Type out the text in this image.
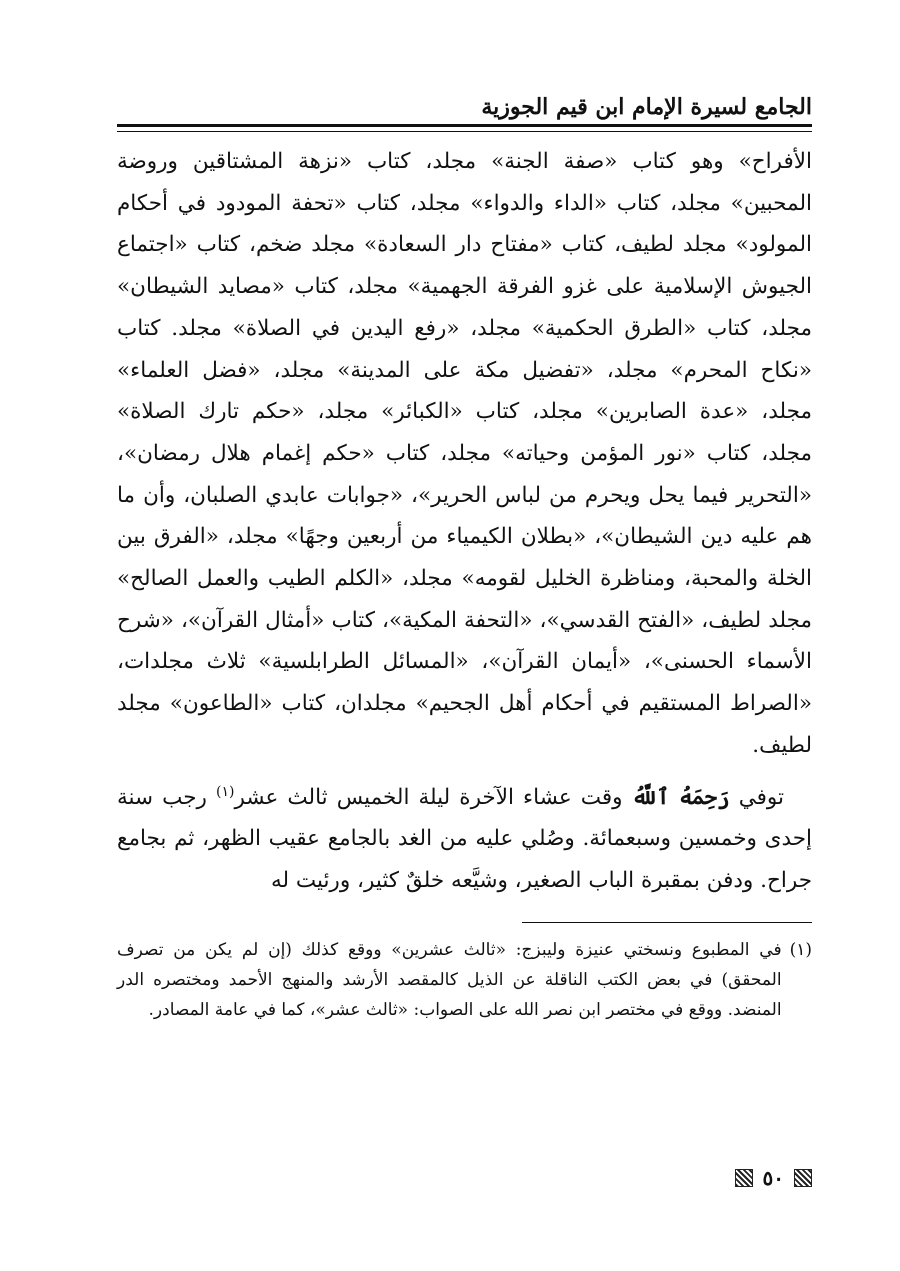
الجامع لسيرة الإمام ابن قيم الجوزية

الأفراح» وهو كتاب «صفة الجنة» مجلد، كتاب «نزهة المشتاقين وروضة المحبين» مجلد، كتاب «الداء والدواء» مجلد، كتاب «تحفة المودود في أحكام المولود» مجلد لطيف، كتاب «مفتاح دار السعادة» مجلد ضخم، كتاب «اجتماع الجيوش الإسلامية على غزو الفرقة الجهمية» مجلد، كتاب «مصايد الشيطان» مجلد، كتاب «الطرق الحكمية» مجلد، «رفع اليدين في الصلاة» مجلد. كتاب «نكاح المحرم» مجلد، «تفضيل مكة على المدينة» مجلد، «فضل العلماء» مجلد، «عدة الصابرين» مجلد، كتاب «الكبائر» مجلد، «حكم تارك الصلاة» مجلد، كتاب «نور المؤمن وحياته» مجلد، كتاب «حكم إغمام هلال رمضان»، «التحرير فيما يحل ويحرم من لباس الحرير»، «جوابات عابدي الصلبان، وأن ما هم عليه دين الشيطان»، «بطلان الكيمياء من أربعين وجهًا» مجلد، «الفرق بين الخلة والمحبة، ومناظرة الخليل لقومه» مجلد، «الكلم الطيب والعمل الصالح» مجلد لطيف، «الفتح القدسي»، «التحفة المكية»، كتاب «أمثال القرآن»، «شرح الأسماء الحسنى»، «أيمان القرآن»، «المسائل الطرابلسية» ثلاث مجلدات، «الصراط المستقيم في أحكام أهل الجحيم» مجلدان، كتاب «الطاعون» مجلد لطيف.

توفي رَحِمَهُ ٱللَّهُ وقت عشاء الآخرة ليلة الخميس ثالث عشر$^{(١)}$ رجب سنة إحدى وخمسين وسبعمائة. وصُلي عليه من الغد بالجامع عقيب الظهر، ثم بجامع جراح. ودفن بمقبرة الباب الصغير، وشيَّعه خلقٌ كثير، ورئيت له

(١)
في المطبوع ونسختي عنيزة وليبزج: «ثالث عشرين» ووقع كذلك (إن لم يكن من تصرف المحقق) في بعض الكتب الناقلة عن الذيل كالمقصد الأرشد والمنهج الأحمد ومختصره الدر المنضد. ووقع في مختصر ابن نصر الله على الصواب: «ثالث عشر»، كما في عامة المصادر.
٥٠
